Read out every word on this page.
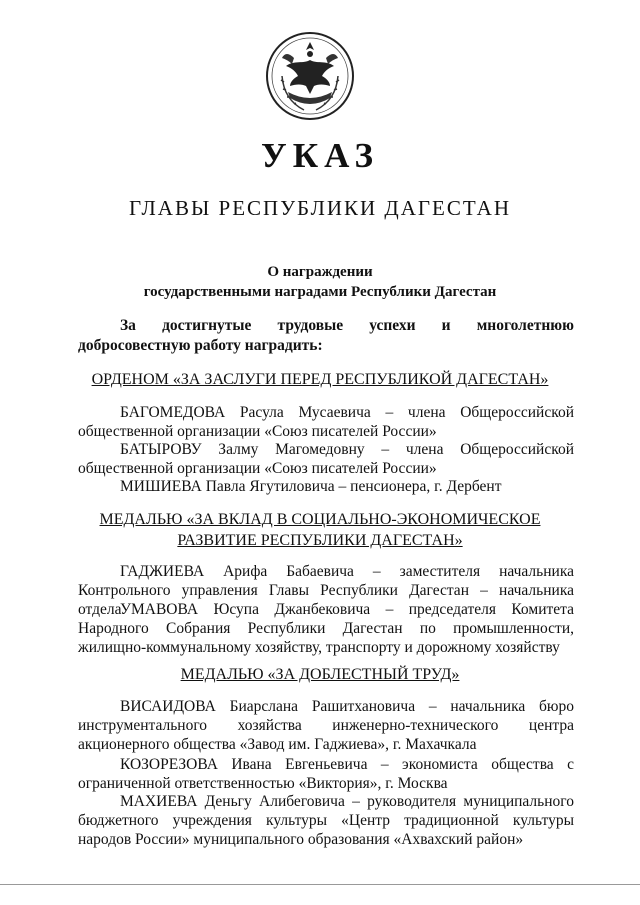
УКАЗ
ГЛАВЫ РЕСПУБЛИКИ ДАГЕСТАН
О награждении
государственными наградами Республики Дагестан
За достигнутые трудовые успехи и многолетнюю добросовестную работу наградить:
ОРДЕНОМ «ЗА ЗАСЛУГИ ПЕРЕД РЕСПУБЛИКОЙ ДАГЕСТАН»
БАГОМЕДОВА Расула Мусаевича – члена Общероссийской общественной организации «Союз писателей России»
БАТЫРОВУ Залму Магомедовну – члена Общероссийской общественной организации «Союз писателей России»
МИШИЕВА Павла Ягутиловича – пенсионера, г. Дербент
МЕДАЛЬЮ «ЗА ВКЛАД В СОЦИАЛЬНО-ЭКОНОМИЧЕСКОЕ
РАЗВИТИЕ РЕСПУБЛИКИ ДАГЕСТАН»
ГАДЖИЕВА Арифа Бабаевича – заместителя начальника Контрольного управления Главы Республики Дагестан – начальника отдела
УМАВОВА Юсупа Джанбековича – председателя Комитета Народного Собрания Республики Дагестан по промышленности, жилищно-коммунальному хозяйству, транспорту и дорожному хозяйству
МЕДАЛЬЮ «ЗА ДОБЛЕСТНЫЙ ТРУД»
ВИСАИДОВА Биарслана Рашитхановича – начальника бюро инструментального хозяйства инженерно-технического центра акционерного общества «Завод им. Гаджиева», г. Махачкала
КОЗОРЕЗОВА Ивана Евгеньевича – экономиста общества с ограниченной ответственностью «Виктория», г. Москва
МАХИЕВА Деньгу Алибеговича – руководителя муниципального бюджетного учреждения культуры «Центр традиционной культуры народов России» муниципального образования «Ахвахский район»
